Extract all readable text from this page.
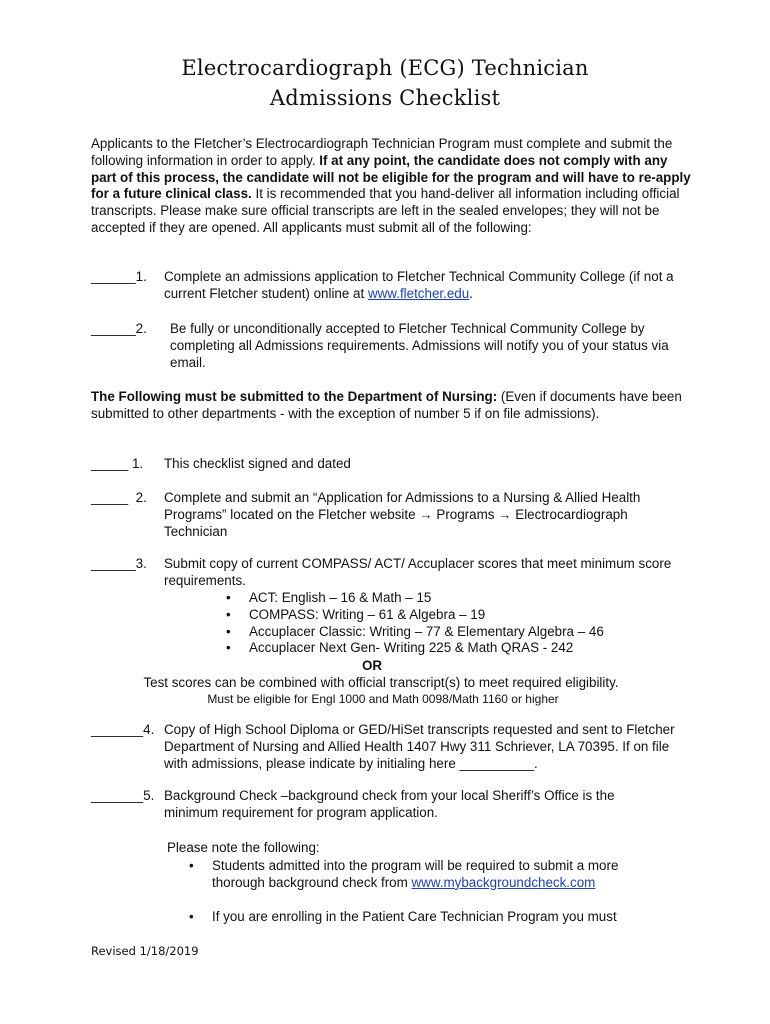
Electrocardiograph (ECG) Technician
Admissions Checklist
Applicants to the Fletcher’s Electrocardiograph Technician Program must complete and submit the following information in order to apply. If at any point, the candidate does not comply with any part of this process, the candidate will not be eligible for the program and will have to re-apply for a future clinical class. It is recommended that you hand-deliver all information including official transcripts. Please make sure official transcripts are left in the sealed envelopes; they will not be accepted if they are opened. All applicants must submit all of the following:
______1. Complete an admissions application to Fletcher Technical Community College (if not a current Fletcher student) online at www.fletcher.edu.
______2. Be fully or unconditionally accepted to Fletcher Technical Community College by completing all Admissions requirements. Admissions will notify you of your status via email.
The Following must be submitted to the Department of Nursing: (Even if documents have been submitted to other departments - with the exception of number 5 if on file admissions).
_____ 1. This checklist signed and dated
_____  2. Complete and submit an “Application for Admissions to a Nursing & Allied Health Programs” located on the Fletcher website → Programs → Electrocardiograph Technician
______3. Submit copy of current COMPASS/ ACT/ Accuplacer scores that meet minimum score requirements.
• ACT: English – 16 & Math – 15
• COMPASS: Writing – 61 & Algebra – 19
• Accuplacer Classic: Writing – 77 & Elementary Algebra – 46
• Accuplacer Next Gen- Writing 225 & Math QRAS - 242
OR
Test scores can be combined with official transcript(s) to meet required eligibility.
Must be eligible for Engl 1000 and Math 0098/Math 1160 or higher
_______4. Copy of High School Diploma or GED/HiSet transcripts requested and sent to Fletcher Department of Nursing and Allied Health 1407 Hwy 311 Schriever, LA 70395. If on file with admissions, please indicate by initialing here __________.
_______5. Background Check –background check from your local Sheriff’s Office is the minimum requirement for program application.
Please note the following:
• Students admitted into the program will be required to submit a more thorough background check from www.mybackgroundcheck.com
• If you are enrolling in the Patient Care Technician Program you must
Revised 1/18/2019
